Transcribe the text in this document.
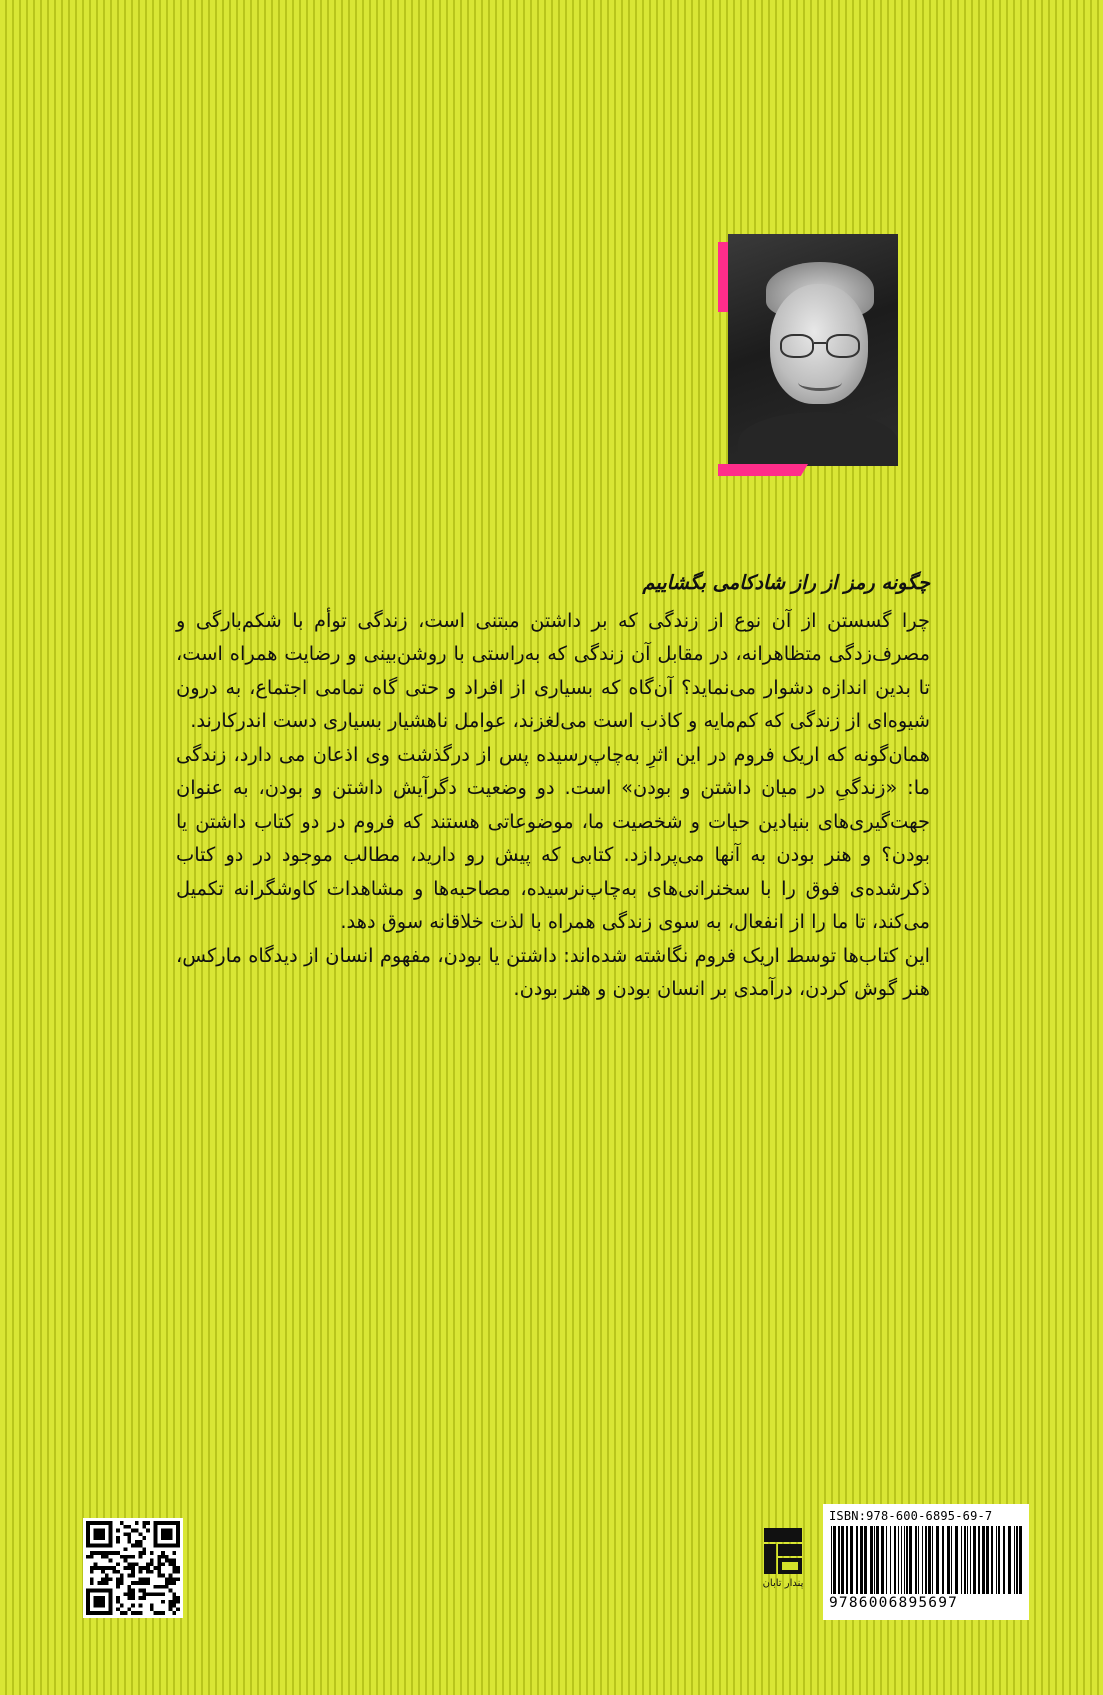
چگونه رمز از راز شادکامی بگشاییم

چرا گسستن از آن نوع از زندگی که بر داشتن مبتنی است، زندگی توأم با شکم‌بارگی و مصرف‌زدگی متظاهرانه، در مقابل آن زندگی که به‌راستی با روشن‌بینی و رضایت همراه است، تا بدین اندازه دشوار می‌نماید؟ آن‌گاه که بسیاری از افراد و حتی گاه تمامی اجتماع، به درون شیوه‌ای از زندگی که کم‌مایه و کاذب است می‌لغزند، عوامل ناهشیار بسیاری دست اندرکارند.

همان‌گونه که اریک فروم در این اثرِ به‌چاپ‌رسیده پس از درگذشت وی اذعان می دارد، زندگی ما: «زندگیِ در میان داشتن و بودن» است. دو وضعیت دگرآیش داشتن و بودن، به عنوان جهت‌گیری‌های بنیادین حیات و شخصیت ما، موضوعاتی هستند که فروم در دو کتاب داشتن یا بودن؟ و هنر بودن به آنها می‌پردازد. کتابی که پیش رو دارید، مطالب موجود در دو کتاب ذکرشده‌ی فوق را با سخنرانی‌های به‌چاپ‌نرسیده، مصاحبه‌ها و مشاهدات کاوشگرانه تکمیل می‌کند، تا ما را از انفعال، به سوی زندگی همراه با لذت خلاقانه سوق دهد.

این کتاب‌ها توسط اریک فروم نگاشته شده‌اند: داشتن یا بودن، مفهوم انسان از دیدگاه مارکس، هنر گوش کردن، درآمدی بر انسان بودن و هنر بودن.

پندار تابان
ISBN:978-600-6895-69-7
9786006895697
